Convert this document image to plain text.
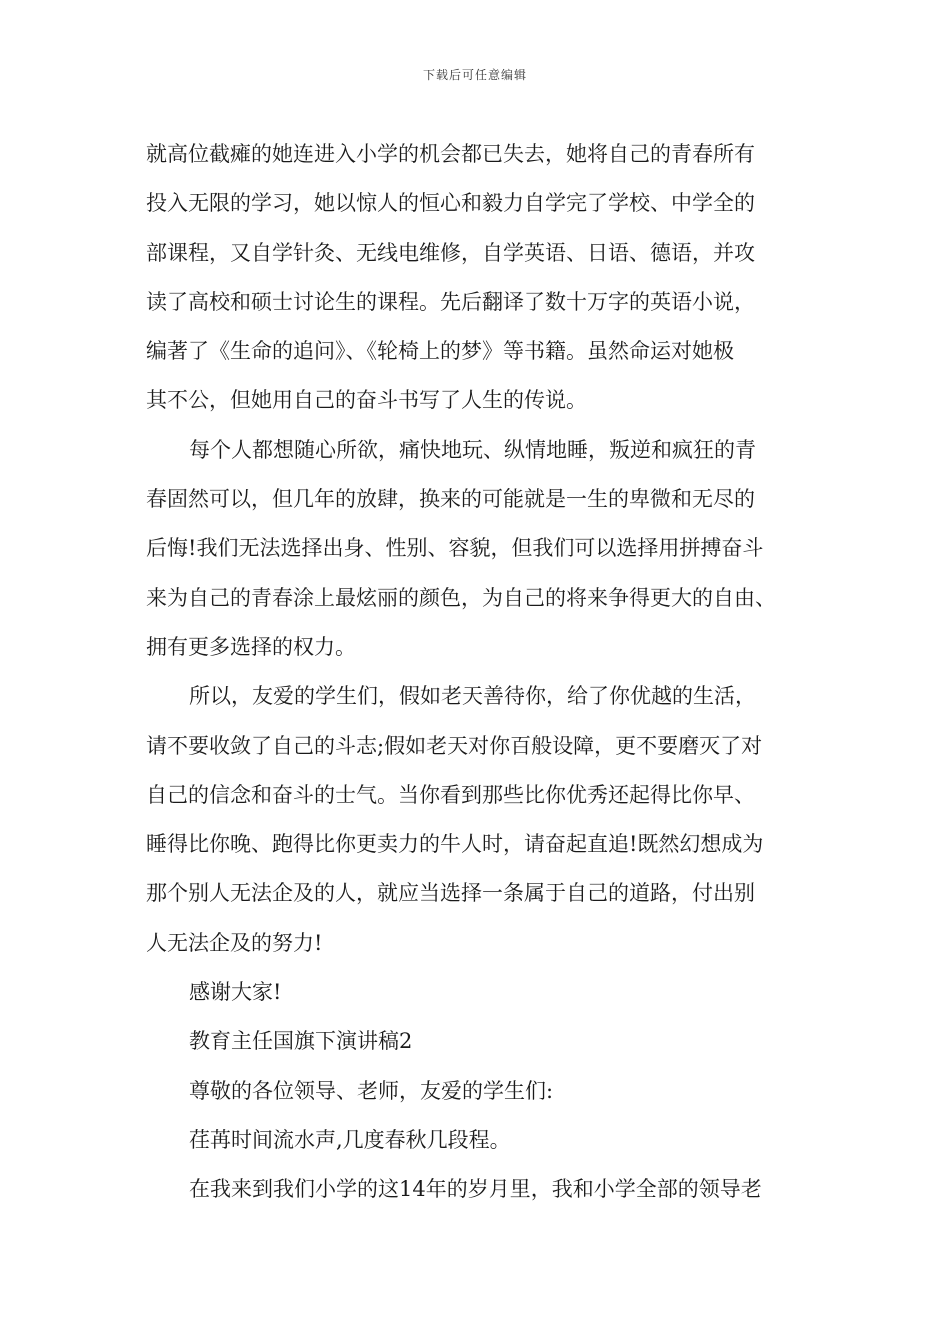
下载后可任意编辑
就高位截瘫的她连进入小学的机会都已失去，她将自己的青春所有
投入无限的学习，她以惊人的恒心和毅力自学完了学校、中学全的
部课程，又自学针灸、无线电维修，自学英语、日语、德语，并攻
读了高校和硕士讨论生的课程。先后翻译了数十万字的英语小说，
编著了《生命的追问》、《轮椅上的梦》等书籍。虽然命运对她极
其不公，但她用自己的奋斗书写了人生的传说。
每个人都想随心所欲，痛快地玩、纵情地睡，叛逆和疯狂的青
春固然可以，但几年的放肆，换来的可能就是一生的卑微和无尽的
后悔!我们无法选择出身、性别、容貌，但我们可以选择用拼搏奋斗
来为自己的青春涂上最炫丽的颜色，为自己的将来争得更大的自由、
拥有更多选择的权力。
所以，友爱的学生们，假如老天善待你，给了你优越的生活，
请不要收敛了自己的斗志;假如老天对你百般设障，更不要磨灭了对
自己的信念和奋斗的士气。当你看到那些比你优秀还起得比你早、
睡得比你晚、跑得比你更卖力的牛人时，请奋起直追!既然幻想成为
那个别人无法企及的人，就应当选择一条属于自己的道路，付出别
人无法企及的努力!
感谢大家!
教育主任国旗下演讲稿2
尊敬的各位领导、老师，友爱的学生们:
荏苒时间流水声,几度春秋几段程。
在我来到我们小学的这14年的岁月里，我和小学全部的领导老
